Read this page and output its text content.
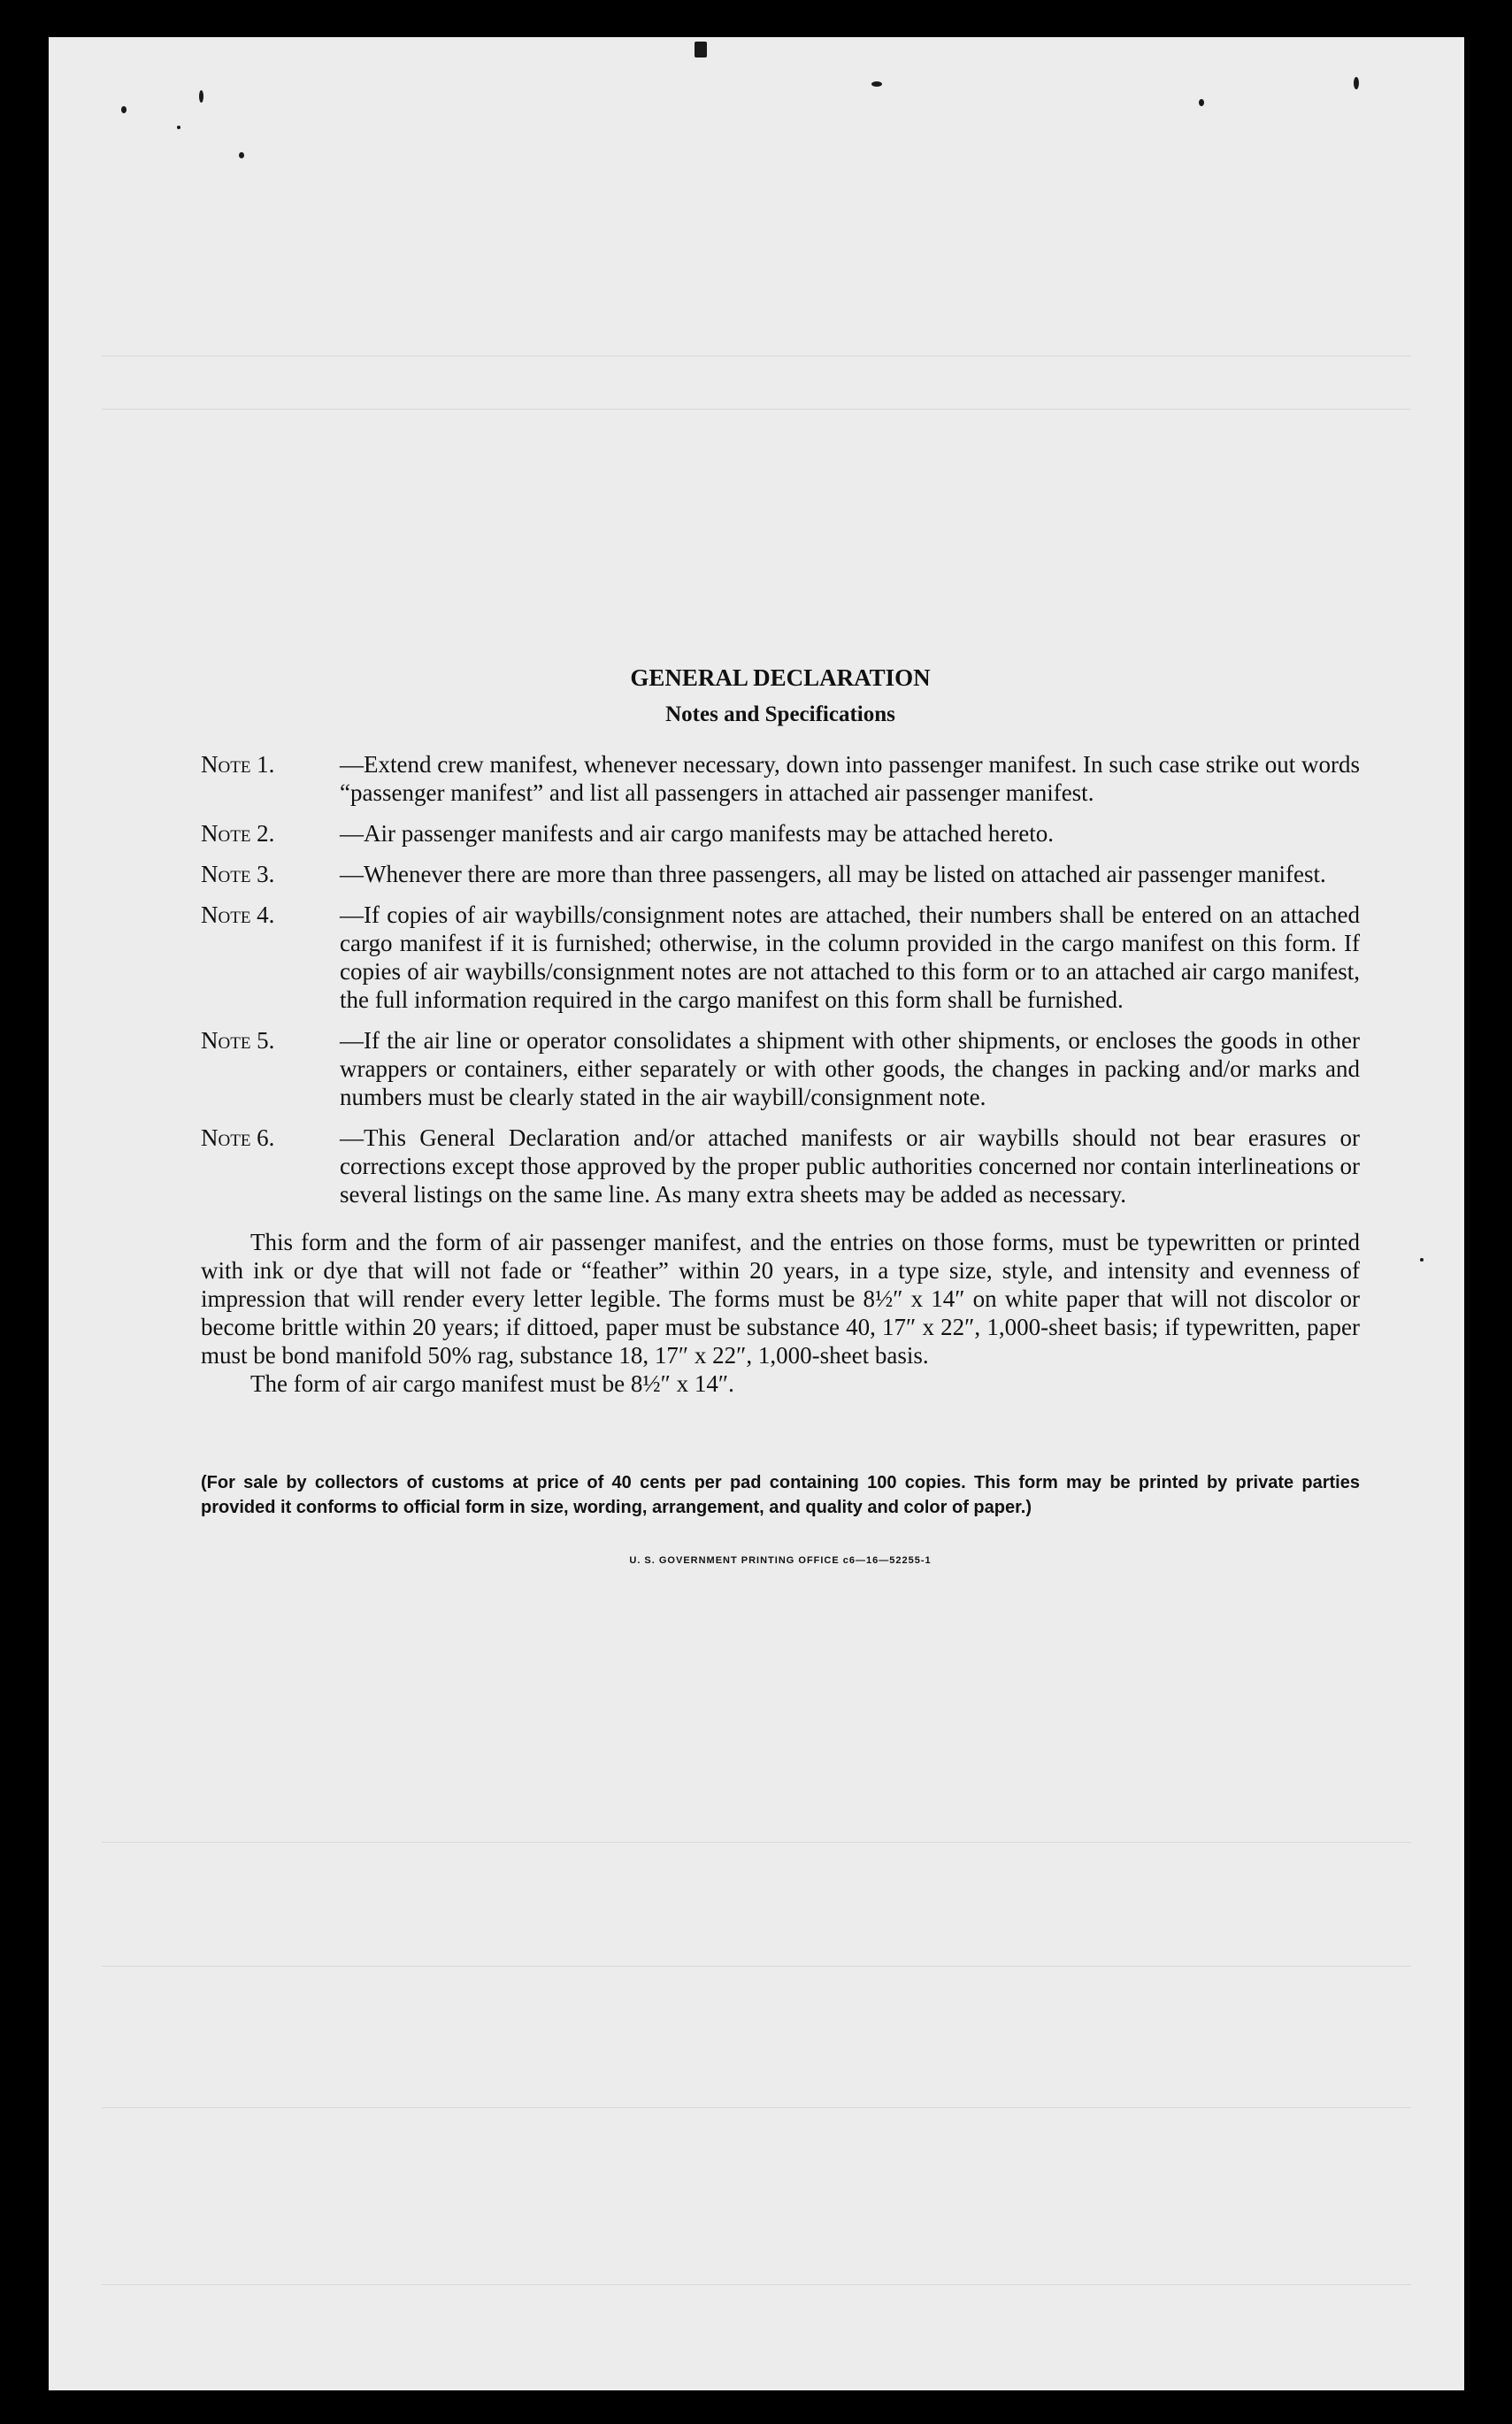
GENERAL DECLARATION
Notes and Specifications
Note 1.	—Extend crew manifest, whenever necessary, down into passenger manifest. In such case strike out words “passenger manifest” and list all passengers in attached air passenger manifest.
Note 2.	—Air passenger manifests and air cargo manifests may be attached hereto.
Note 3.	—Whenever there are more than three passengers, all may be listed on attached air passenger manifest.
Note 4.	—If copies of air waybills/consignment notes are attached, their numbers shall be entered on an attached cargo manifest if it is furnished; otherwise, in the column provided in the cargo manifest on this form. If copies of air waybills/consignment notes are not attached to this form or to an attached air cargo manifest, the full information required in the cargo manifest on this form shall be furnished.
Note 5.	—If the air line or operator consolidates a shipment with other shipments, or encloses the goods in other wrappers or containers, either separately or with other goods, the changes in packing and/or marks and numbers must be clearly stated in the air waybill/consignment note.
Note 6.	—This General Declaration and/or attached manifests or air waybills should not bear erasures or corrections except those approved by the proper public authorities concerned nor contain interlineations or several listings on the same line. As many extra sheets may be added as necessary.
This form and the form of air passenger manifest, and the entries on those forms, must be typewritten or printed with ink or dye that will not fade or “feather” within 20 years, in a type size, style, and intensity and evenness of impression that will render every letter legible. The forms must be 8½″ x 14″ on white paper that will not discolor or become brittle within 20 years; if dittoed, paper must be substance 40, 17″ x 22″, 1,000-sheet basis; if typewritten, paper must be bond manifold 50% rag, substance 18, 17″ x 22″, 1,000-sheet basis.
The form of air cargo manifest must be 8½″ x 14″.
(For sale by collectors of customs at price of 40 cents per pad containing 100 copies. This form may be printed by private parties provided it conforms to official form in size, wording, arrangement, and quality and color of paper.)
U. S. GOVERNMENT PRINTING OFFICE c6—16—52255-1
